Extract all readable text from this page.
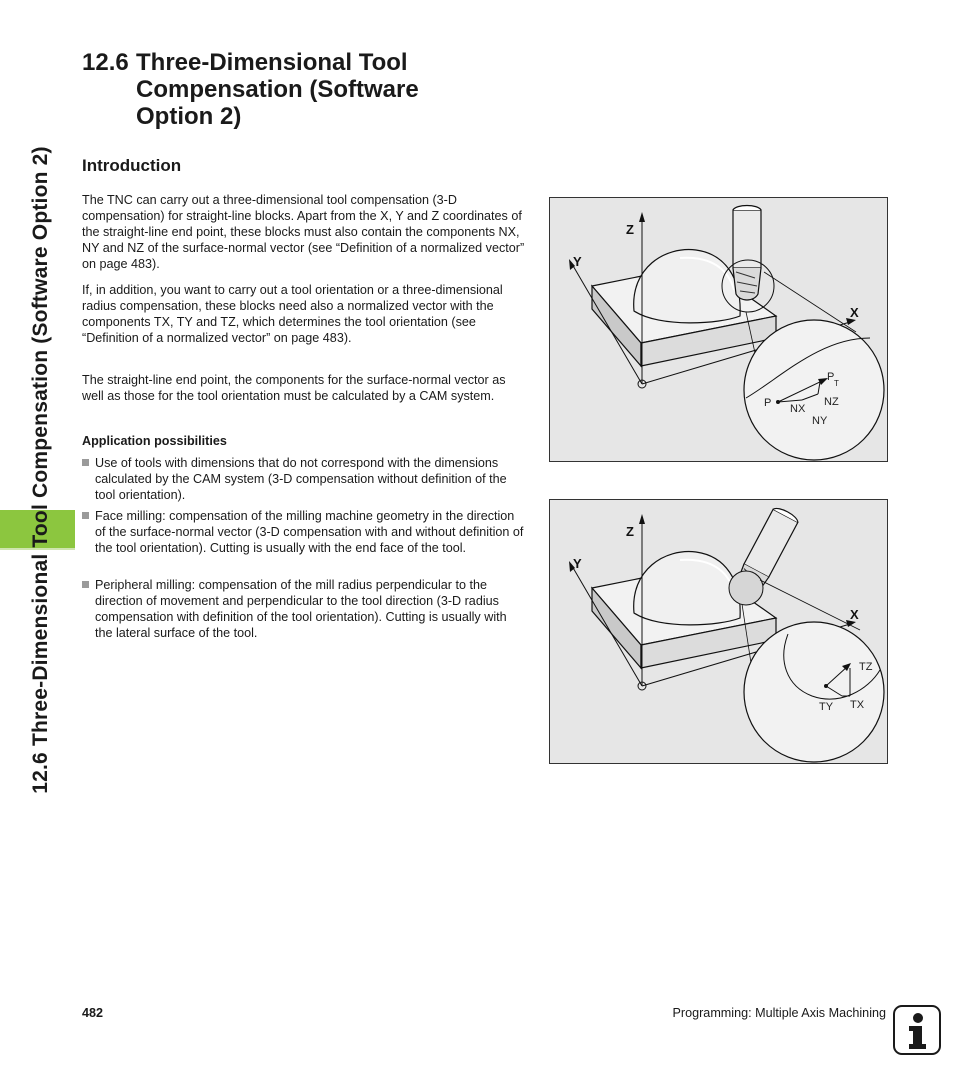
12.6 Three-Dimensional Tool Compensation (Software Option 2)
12.6 Three-Dimensional Tool Compensation (Software Option 2)
Introduction

The TNC can carry out a three-dimensional tool compensation (3-D compensation) for straight-line blocks. Apart from the X, Y and Z coordinates of the straight-line end point, these blocks must also contain the components NX, NY and NZ of the surface-normal vector (see “Definition of a normalized vector” on page 483).

If, in addition, you want to carry out a tool orientation or a three-dimensional radius compensation, these blocks need also a normalized vector with the components TX, TY and TZ, which determines the tool orientation (see “Definition of a normalized vector” on page 483).

The straight-line end point, the components for the surface-normal vector as well as those for the tool orientation must be calculated by a CAM system.

Application possibilities
Use of tools with dimensions that do not correspond with the dimensions calculated by the CAM system (3-D compensation without definition of the tool orientation).
Face milling: compensation of the milling machine geometry in the direction of the surface-normal vector (3-D compensation with and without definition of the tool orientation). Cutting is usually with the end face of the tool.
Peripheral milling: compensation of the mill radius perpendicular to the direction of movement and perpendicular to the tool direction (3-D radius compensation with definition of the tool orientation). Cutting is usually with the lateral surface of the tool.
Z
Y
X
P
P
T
NX
NZ
NY
Z
Y
X
TZ
TY TX
482	Programming: Multiple Axis Machining
